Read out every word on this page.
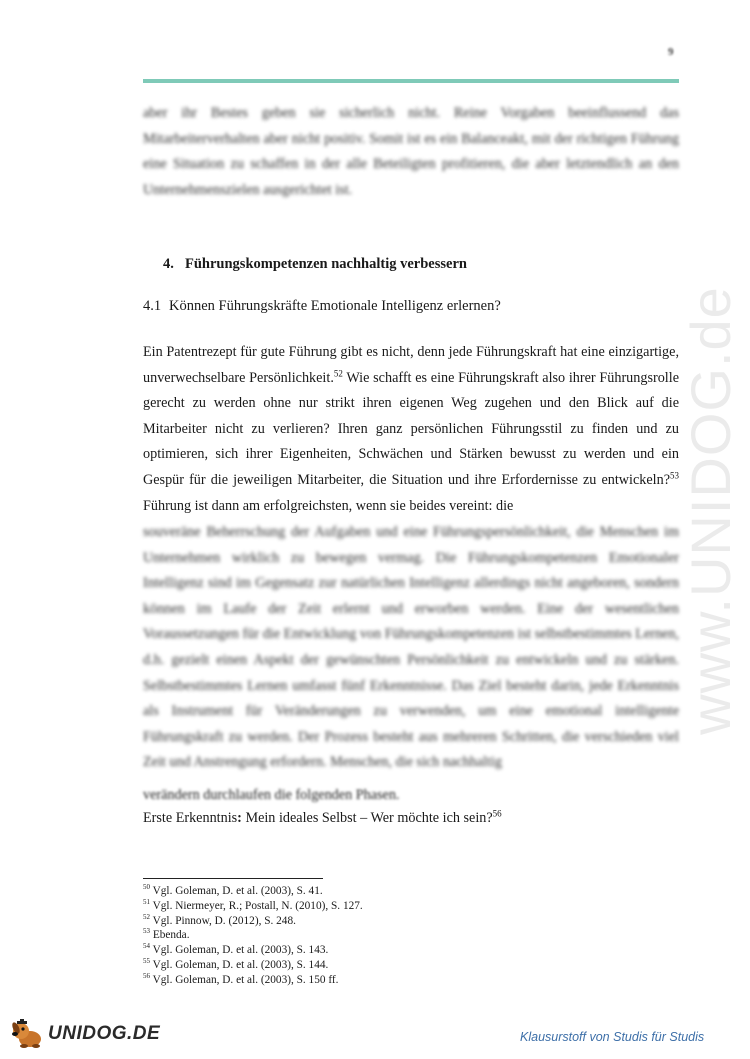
9

aber ihr Bestes geben sie sicherlich nicht. Reine Vorgaben beeinflussend das Mitarbeiterverhalten aber nicht positiv. Somit ist es ein Balanceakt, mit der richtigen Führung eine Situation zu schaffen in der alle Beteiligten profitieren, die aber letztendlich an den Unternehmenszielen ausgerichtet ist.

4. Führungskompetenzen nachhaltig verbessern
4.1 Können Führungskräfte Emotionale Intelligenz erlernen?

Ein Patentrezept für gute Führung gibt es nicht, denn jede Führungskraft hat eine einzigartige, unverwechselbare Persönlichkeit.$^{52}$ Wie schafft es eine Führungskraft also ihrer Führungsrolle gerecht zu werden ohne nur strikt ihren eigenen Weg zugehen und den Blick auf die Mitarbeiter nicht zu verlieren? Ihren ganz persönlichen Führungsstil zu finden und zu optimieren, sich ihrer Eigenheiten, Schwächen und Stärken bewusst zu werden und ein Gespür für die jeweiligen Mitarbeiter, die Situation und ihre Erfordernisse zu entwickeln?$^{53}$ Führung ist dann am erfolgreichsten, wenn sie beides vereint: die

souveräne Beherrschung der Aufgaben und eine Führungspersönlichkeit, die Menschen im Unternehmen wirklich zu bewegen vermag. Die Führungskompetenzen Emotionaler Intelligenz sind im Gegensatz zur natürlichen Intelligenz allerdings nicht angeboren, sondern können im Laufe der Zeit erlernt und erworben werden. Eine der wesentlichen Voraussetzungen für die Entwicklung von Führungskompetenzen ist selbstbestimmtes Lernen, d.h. gezielt einen Aspekt der gewünschten Persönlichkeit zu entwickeln und zu stärken. Selbstbestimmtes Lernen umfasst fünf Erkenntnisse. Das Ziel besteht darin, jede Erkenntnis als Instrument für Veränderungen zu verwenden, um eine emotional intelligente Führungskraft zu werden. Der Prozess besteht aus mehreren Schritten, die verschieden viel Zeit und Anstrengung erfordern. Menschen, die sich nachhaltig

verändern durchlaufen die folgenden Phasen.
Erste Erkenntnis: Mein ideales Selbst – Wer möchte ich sein?$^{56}$
$^{50}$ Vgl. Goleman, D. et al. (2003), S. 41.
$^{51}$ Vgl. Niermeyer, R.; Postall, N. (2010), S. 127.
$^{52}$ Vgl. Pinnow, D. (2012), S. 248.
$^{53}$ Ebenda.
$^{54}$ Vgl. Goleman, D. et al. (2003), S. 143.
$^{55}$ Vgl. Goleman, D. et al. (2003), S. 144.
$^{56}$ Vgl. Goleman, D. et al. (2003), S. 150 ff.
www.UNIDOG.de
UNIDOG.DE	Klausurstoff von Studis für Studis
